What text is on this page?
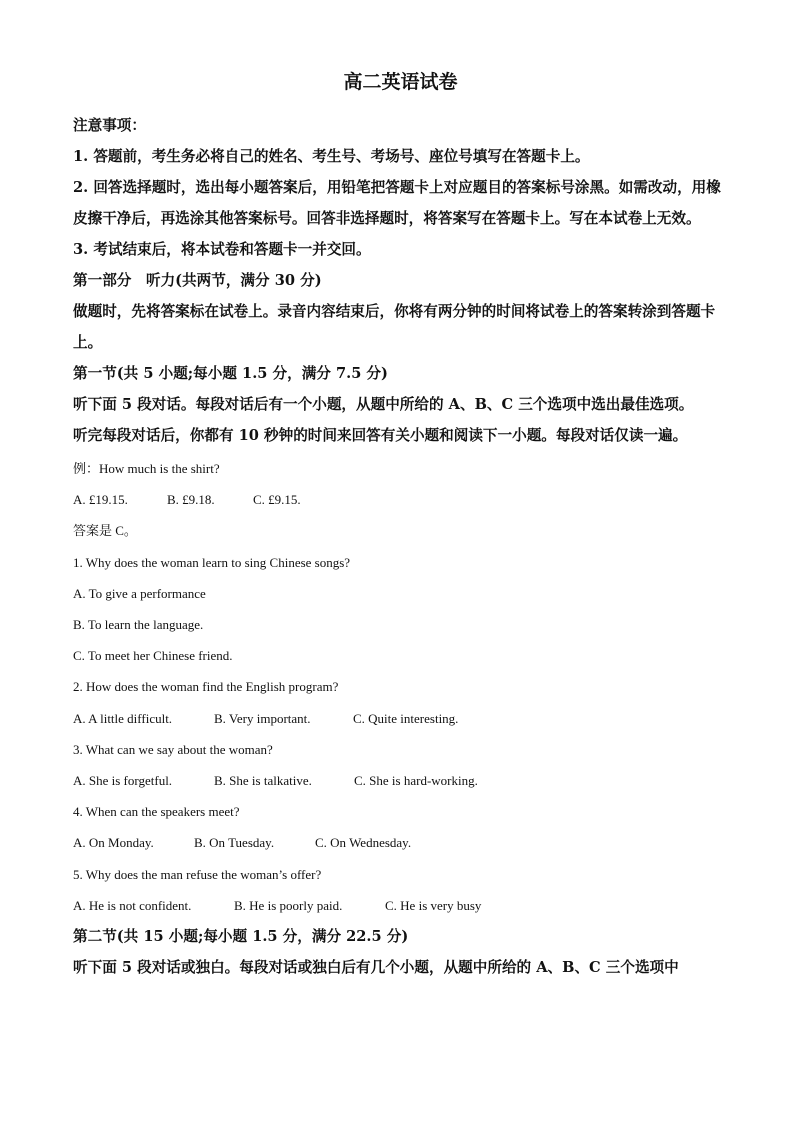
高二英语试卷

注意事项：

1. 答题前，考生务必将自己的姓名、考生号、考场号、座位号填写在答题卡上。

2. 回答选择题时，选出每小题答案后，用铅笔把答题卡上对应题目的答案标号涂黑。如需改动，用橡皮擦干净后，再选涂其他答案标号。回答非选择题时，将答案写在答题卡上。写在本试卷上无效。

3. 考试结束后，将本试卷和答题卡一并交回。

第一部分　听力(共两节，满分 30 分)

做题时，先将答案标在试卷上。录音内容结束后，你将有两分钟的时间将试卷上的答案转涂到答题卡上。

第一节(共 5 小题;每小题 1.5 分，满分 7.5 分)

听下面 5 段对话。每段对话后有一个小题，从题中所给的 A、B、C 三个选项中选出最佳选项。

听完每段对话后，你都有 10 秒钟的时间来回答有关小题和阅读下一小题。每段对话仅读一遍。

例：How much is the shirt?

A. £19.15.	B. £9.18.	C. £9.15.

答案是 C。

1. Why does the woman learn to sing Chinese songs?

A. To give a performance

B. To learn the language.

C. To meet her Chinese friend.

2. How does the woman find the English program?

A. A little difficult.	B. Very important.	C. Quite interesting.

3. What can we say about the woman?

A. She is forgetful.	B. She is talkative.	C. She is hard-working.

4. When can the speakers meet?

A. On Monday.	B. On Tuesday.	C. On Wednesday.

5. Why does the man refuse the woman’s offer?

A. He is not confident.	B. He is poorly paid.	C. He is very busy

第二节(共 15 小题;每小题 1.5 分，满分 22.5 分)

听下面 5 段对话或独白。每段对话或独白后有几个小题，从题中所给的 A、B、C 三个选项中
